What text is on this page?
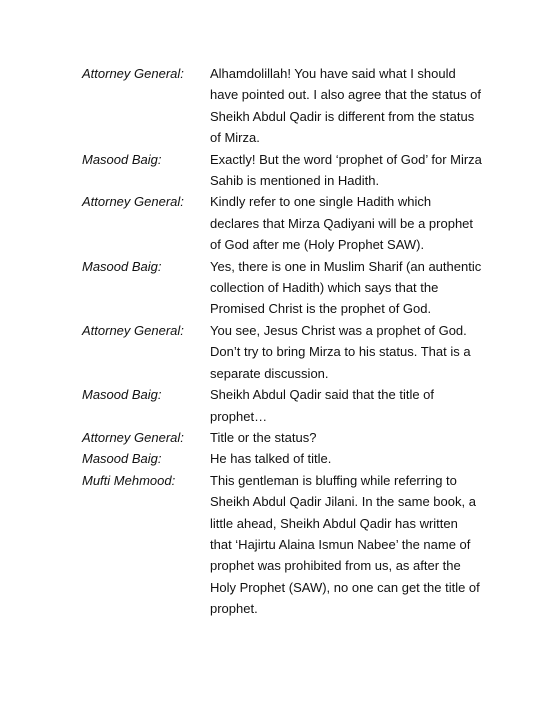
Attorney General:	Alhamdolillah! You have said what I should have pointed out. I also agree that the status of Sheikh Abdul Qadir is different from the status of Mirza.
Masood Baig:	Exactly! But the word ‘prophet of God’ for Mirza Sahib is mentioned in Hadith.
Attorney General:	Kindly refer to one single Hadith which declares that Mirza Qadiyani will be a prophet of God after me (Holy Prophet SAW).
Masood Baig:	Yes, there is one in Muslim Sharif (an authentic collection of Hadith) which says that the Promised Christ is the prophet of God.
Attorney General:	You see, Jesus Christ was a prophet of God. Don’t try to bring Mirza to his status. That is a separate discussion.
Masood Baig:	Sheikh Abdul Qadir said that the title of prophet…
Attorney General:	Title or the status?
Masood Baig:	He has talked of title.
Mufti Mehmood:	This gentleman is bluffing while referring to Sheikh Abdul Qadir Jilani. In the same book, a little ahead, Sheikh Abdul Qadir has written that ‘Hajirtu Alaina Ismun Nabee’ the name of prophet was prohibited from us, as after the Holy Prophet (SAW), no one can get the title of prophet.
